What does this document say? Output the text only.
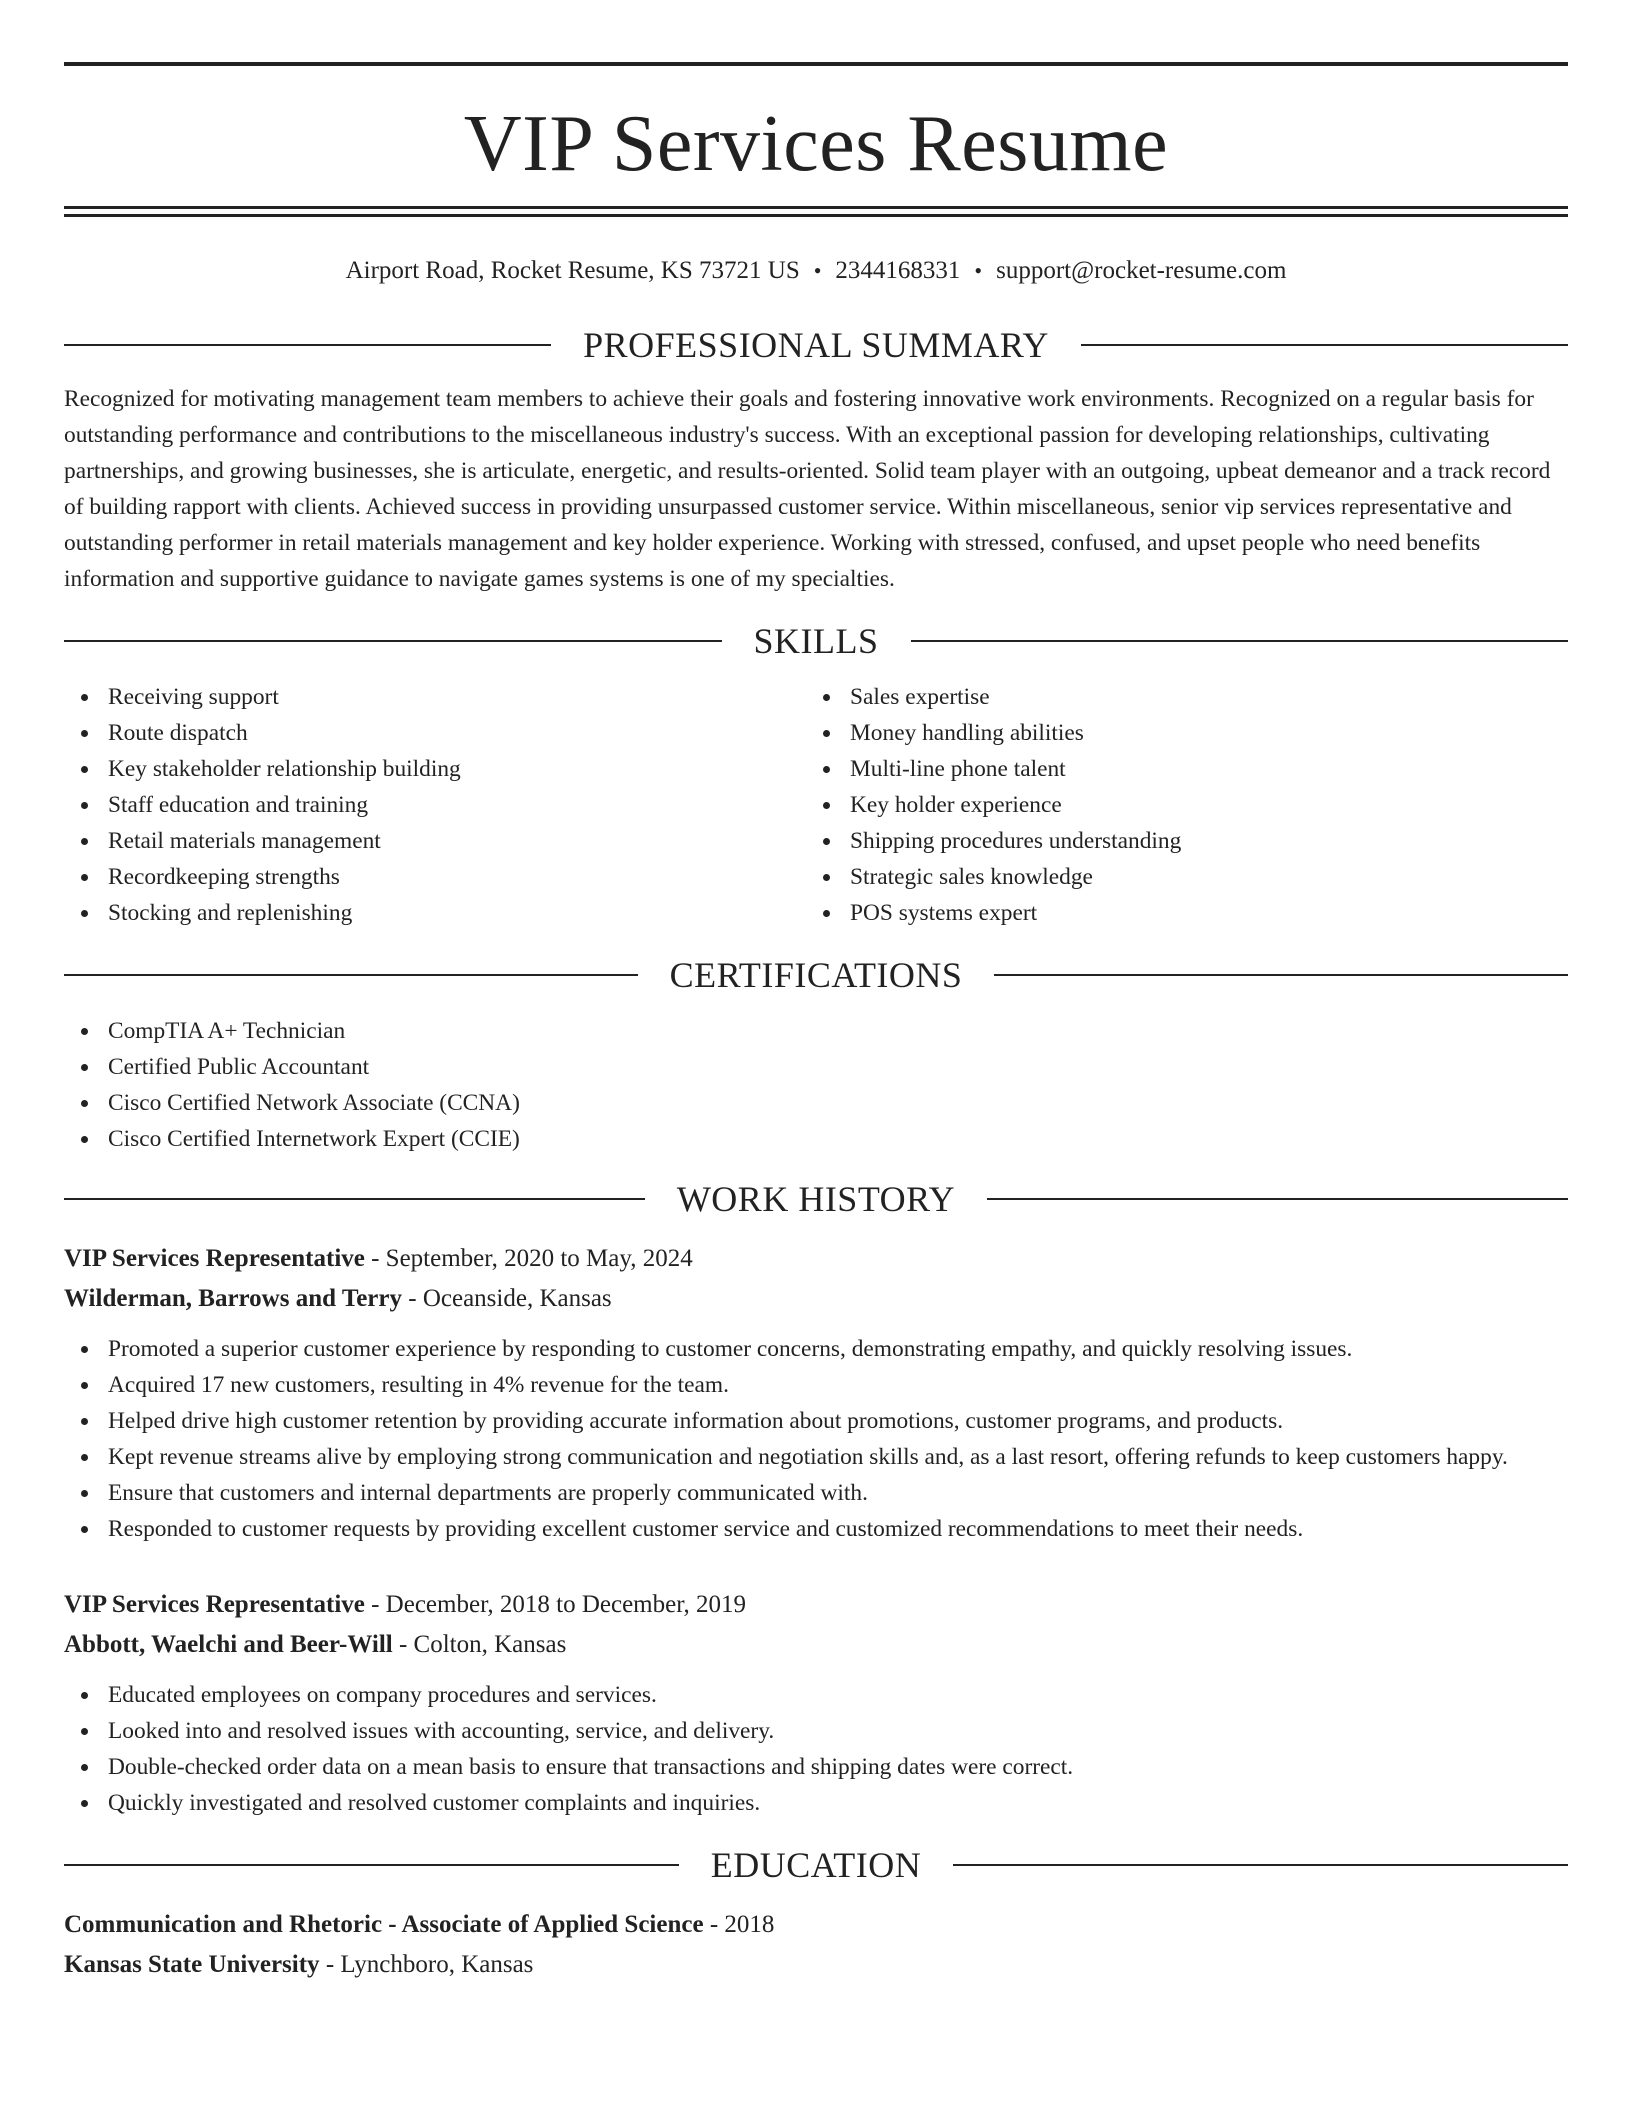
VIP Services Resume
Airport Road, Rocket Resume, KS 73721 US • 2344168331 • support@rocket-resume.com
PROFESSIONAL SUMMARY

Recognized for motivating management team members to achieve their goals and fostering innovative work environments. Recognized on a regular basis for outstanding performance and contributions to the miscellaneous industry's success. With an exceptional passion for developing relationships, cultivating partnerships, and growing businesses, she is articulate, energetic, and results-oriented. Solid team player with an outgoing, upbeat demeanor and a track record of building rapport with clients. Achieved success in providing unsurpassed customer service. Within miscellaneous, senior vip services representative and outstanding performer in retail materials management and key holder experience. Working with stressed, confused, and upset people who need benefits information and supportive guidance to navigate games systems is one of my specialties.

SKILLS
Receiving support
Route dispatch
Key stakeholder relationship building
Staff education and training
Retail materials management
Recordkeeping strengths
Stocking and replenishing
Sales expertise
Money handling abilities
Multi-line phone talent
Key holder experience
Shipping procedures understanding
Strategic sales knowledge
POS systems expert
CERTIFICATIONS
CompTIA A+ Technician
Certified Public Accountant
Cisco Certified Network Associate (CCNA)
Cisco Certified Internetwork Expert (CCIE)
WORK HISTORY
VIP Services Representative - September, 2020 to May, 2024
Wilderman, Barrows and Terry - Oceanside, Kansas
Promoted a superior customer experience by responding to customer concerns, demonstrating empathy, and quickly resolving issues.
Acquired 17 new customers, resulting in 4% revenue for the team.
Helped drive high customer retention by providing accurate information about promotions, customer programs, and products.
Kept revenue streams alive by employing strong communication and negotiation skills and, as a last resort, offering refunds to keep customers happy.
Ensure that customers and internal departments are properly communicated with.
Responded to customer requests by providing excellent customer service and customized recommendations to meet their needs.
VIP Services Representative - December, 2018 to December, 2019
Abbott, Waelchi and Beer-Will - Colton, Kansas
Educated employees on company procedures and services.
Looked into and resolved issues with accounting, service, and delivery.
Double-checked order data on a mean basis to ensure that transactions and shipping dates were correct.
Quickly investigated and resolved customer complaints and inquiries.
EDUCATION
Communication and Rhetoric - Associate of Applied Science - 2018
Kansas State University - Lynchboro, Kansas
